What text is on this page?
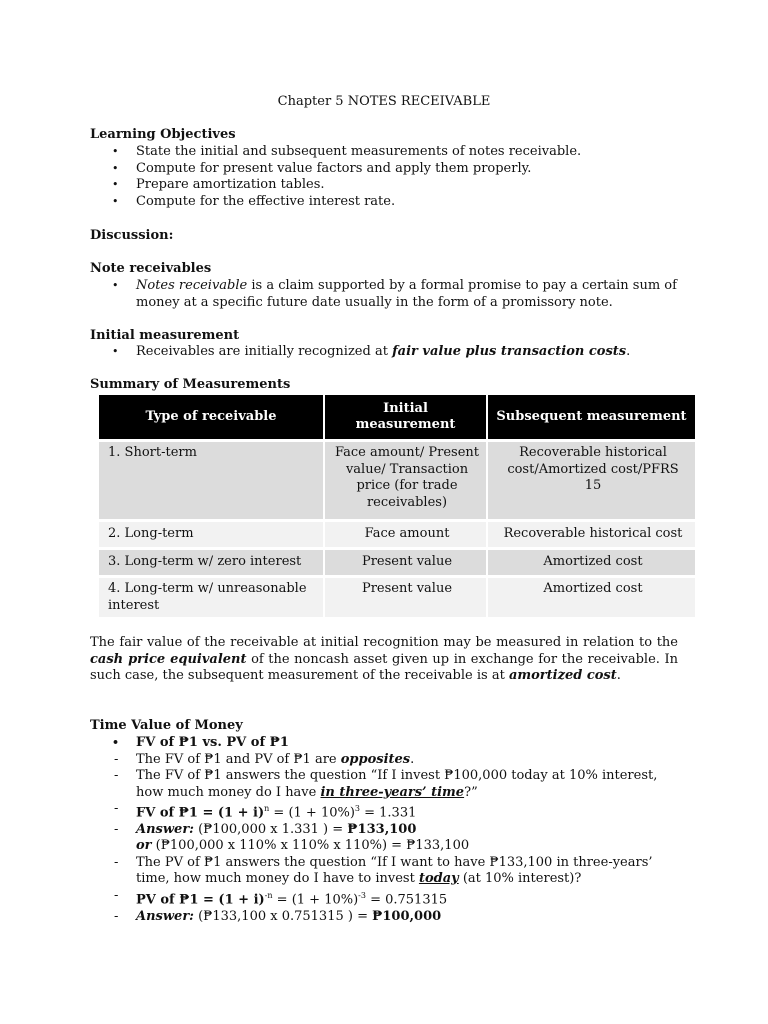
Chapter 5 NOTES RECEIVABLE
Learning Objectives
• State the initial and subsequent measurements of notes receivable.
• Compute for present value factors and apply them properly.
• Prepare amortization tables.
• Compute for the effective interest rate.
Discussion:
Note receivables
• Notes receivable is a claim supported by a formal promise to pay a certain sum of money at a specific future date usually in the form of a promissory note.
Initial measurement
• Receivables are initially recognized at fair value plus transaction costs.
Summary of Measurements
Type of receivable	Initial measurement	Subsequent measurement
1. Short-term	Face amount/ Present value/ Transaction price (for trade receivables)	Recoverable historical cost/Amortized cost/PFRS 15
2. Long-term	Face amount	Recoverable historical cost
3. Long-term w/ zero interest	Present value	Amortized cost
4. Long-term w/ unreasonable interest	Present value	Amortized cost
The fair value of the receivable at initial recognition may be measured in relation to the cash price equivalent of the noncash asset given up in exchange for the receivable. In such case, the subsequent measurement of the receivable is at amortized cost.
Time Value of Money
• FV of ₱1 vs. PV of ₱1
- The FV of ₱1 and PV of ₱1 are opposites.
- The FV of ₱1 answers the question “If I invest ₱100,000 today at 10% interest, how much money do I have in three-years’ time?”
- FV of ₱1 = $(1 + i)^n = (1 + 10\%)^3 = 1.331$
- Answer: (₱100,000 x 1.331 ) = ₱133,100
or (₱100,000 x 110% x 110% x 110%) = ₱133,100
- The PV of ₱1 answers the question “If I want to have ₱133,100 in three-years’ time, how much money do I have to invest today (at 10% interest)?
- PV of ₱1 = $(1 + i)^{-n} = (1 + 10\%)^{-3} = 0.751315$
- Answer: (₱133,100 x 0.751315 ) = ₱100,000
